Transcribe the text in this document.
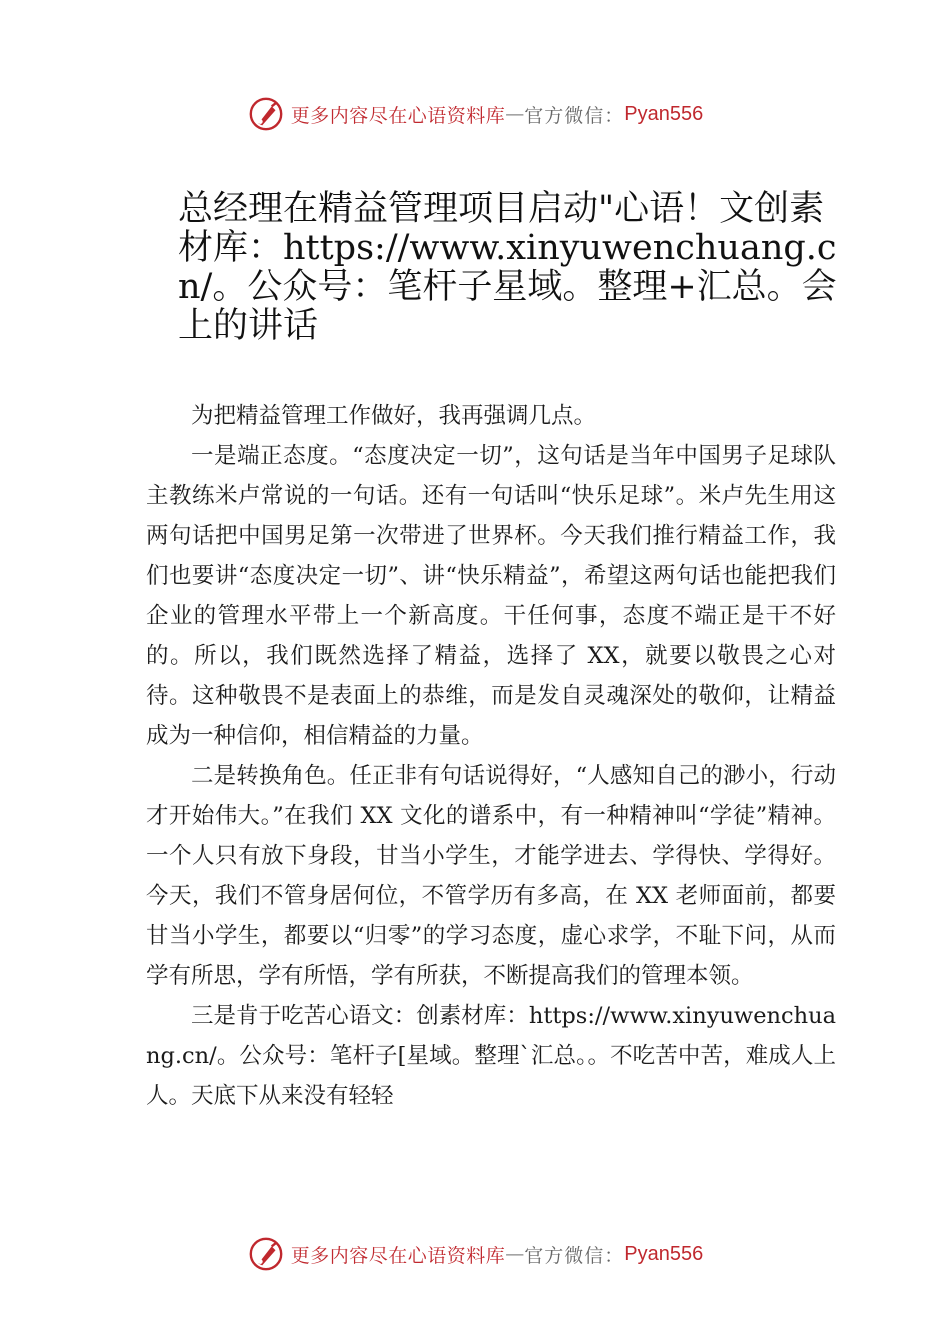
更多内容尽在心语资料库 — 官方微信： Pyan556
总经理在精益管理项目启动"心语！文创素材库：https://www.xinyuwenchuang.cn/。公众号：笔杆子星域。整理+汇总。会上的讲话

为把精益管理工作做好，我再强调几点。

一是端正态度。“态度决定一切”，这句话是当年中国男子足球队主教练米卢常说的一句话。还有一句话叫“快乐足球”。米卢先生用这两句话把中国男足第一次带进了世界杯。今天我们推行精益工作，我们也要讲“态度决定一切”、讲“快乐精益”，希望这两句话也能把我们企业的管理水平带上一个新高度。干任何事，态度不端正是干不好的。所以，我们既然选择了精益，选择了 XX，就要以敬畏之心对待。这种敬畏不是表面上的恭维，而是发自灵魂深处的敬仰，让精益成为一种信仰，相信精益的力量。

二是转换角色。任正非有句话说得好，“人感知自己的渺小，行动才开始伟大。”在我们 XX 文化的谱系中，有一种精神叫“学徒”精神。一个人只有放下身段，甘当小学生，才能学进去、学得快、学得好。今天，我们不管身居何位，不管学历有多高，在 XX 老师面前，都要甘当小学生，都要以“归零”的学习态度，虚心求学，不耻下问，从而学有所思，学有所悟，学有所获，不断提高我们的管理本领。

三是肯于吃苦心语文：创素材库：https://www.xinyuwenchuang.cn/。公众号：笔杆子[星域。整理`汇总。。不吃苦中苦，难成人上人。天底下从来没有轻轻

更多内容尽在心语资料库 — 官方微信： Pyan556
